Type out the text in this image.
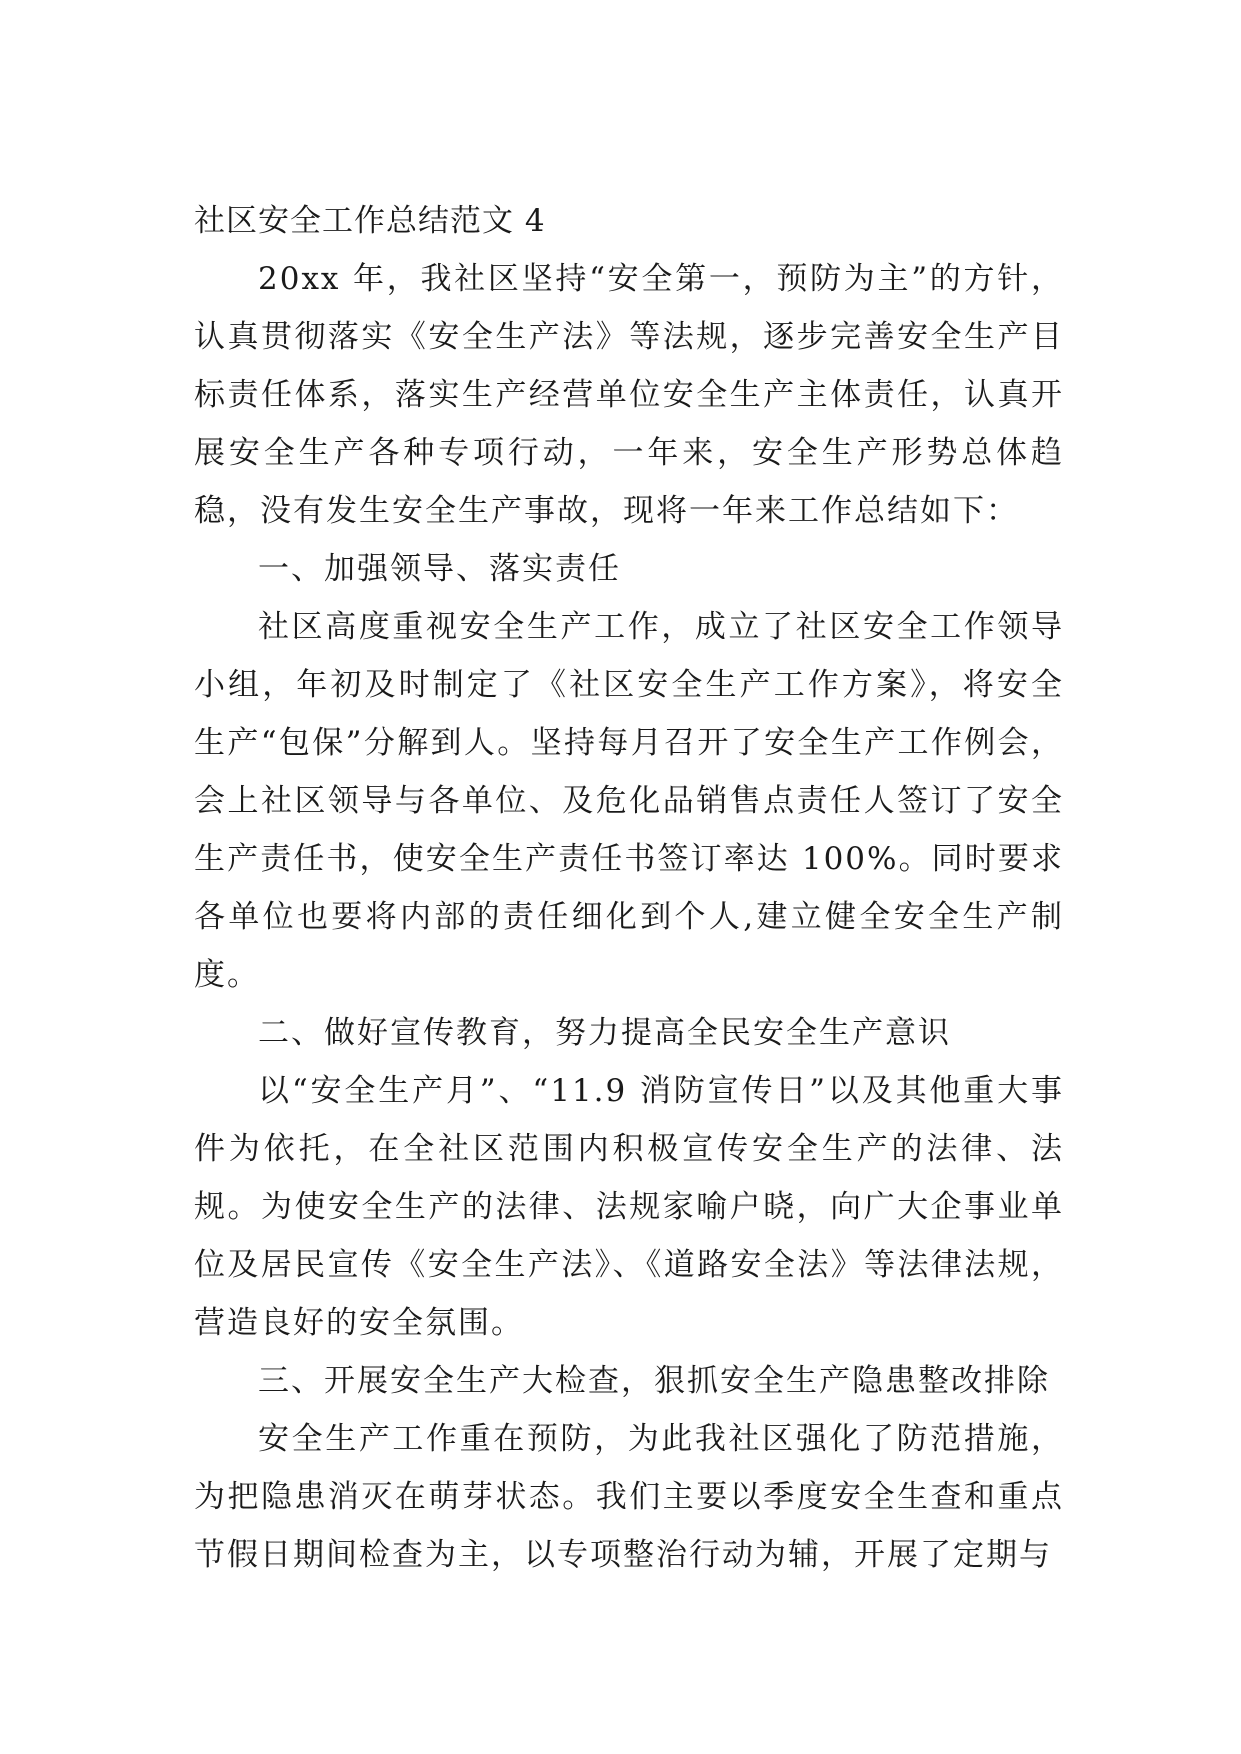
社区安全工作总结范文 4

20xx 年，我社区坚持“安全第一，预防为主”的方针，认真贯彻落实《安全生产法》等法规，逐步完善安全生产目标责任体系，落实生产经营单位安全生产主体责任，认真开展安全生产各种专项行动，一年来，安全生产形势总体趋稳，没有发生安全生产事故，现将一年来工作总结如下：

一、加强领导、落实责任

社区高度重视安全生产工作，成立了社区安全工作领导小组，年初及时制定了《社区安全生产工作方案》，将安全生产“包保”分解到人。坚持每月召开了安全生产工作例会，会上社区领导与各单位、及危化品销售点责任人签订了安全生产责任书，使安全生产责任书签订率达 100%。同时要求各单位也要将内部的责任细化到个人,建立健全安全生产制度。

二、做好宣传教育，努力提高全民安全生产意识

以“安全生产月”、“11.9 消防宣传日”以及其他重大事件为依托，在全社区范围内积极宣传安全生产的法律、法规。为使安全生产的法律、法规家喻户晓，向广大企事业单位及居民宣传《安全生产法》、《道路安全法》等法律法规，营造良好的安全氛围。

三、开展安全生产大检查，狠抓安全生产隐患整改排除

安全生产工作重在预防，为此我社区强化了防范措施，为把隐患消灭在萌芽状态。我们主要以季度安全生查和重点节假日期间检查为主，以专项整治行动为辅，开展了定期与
